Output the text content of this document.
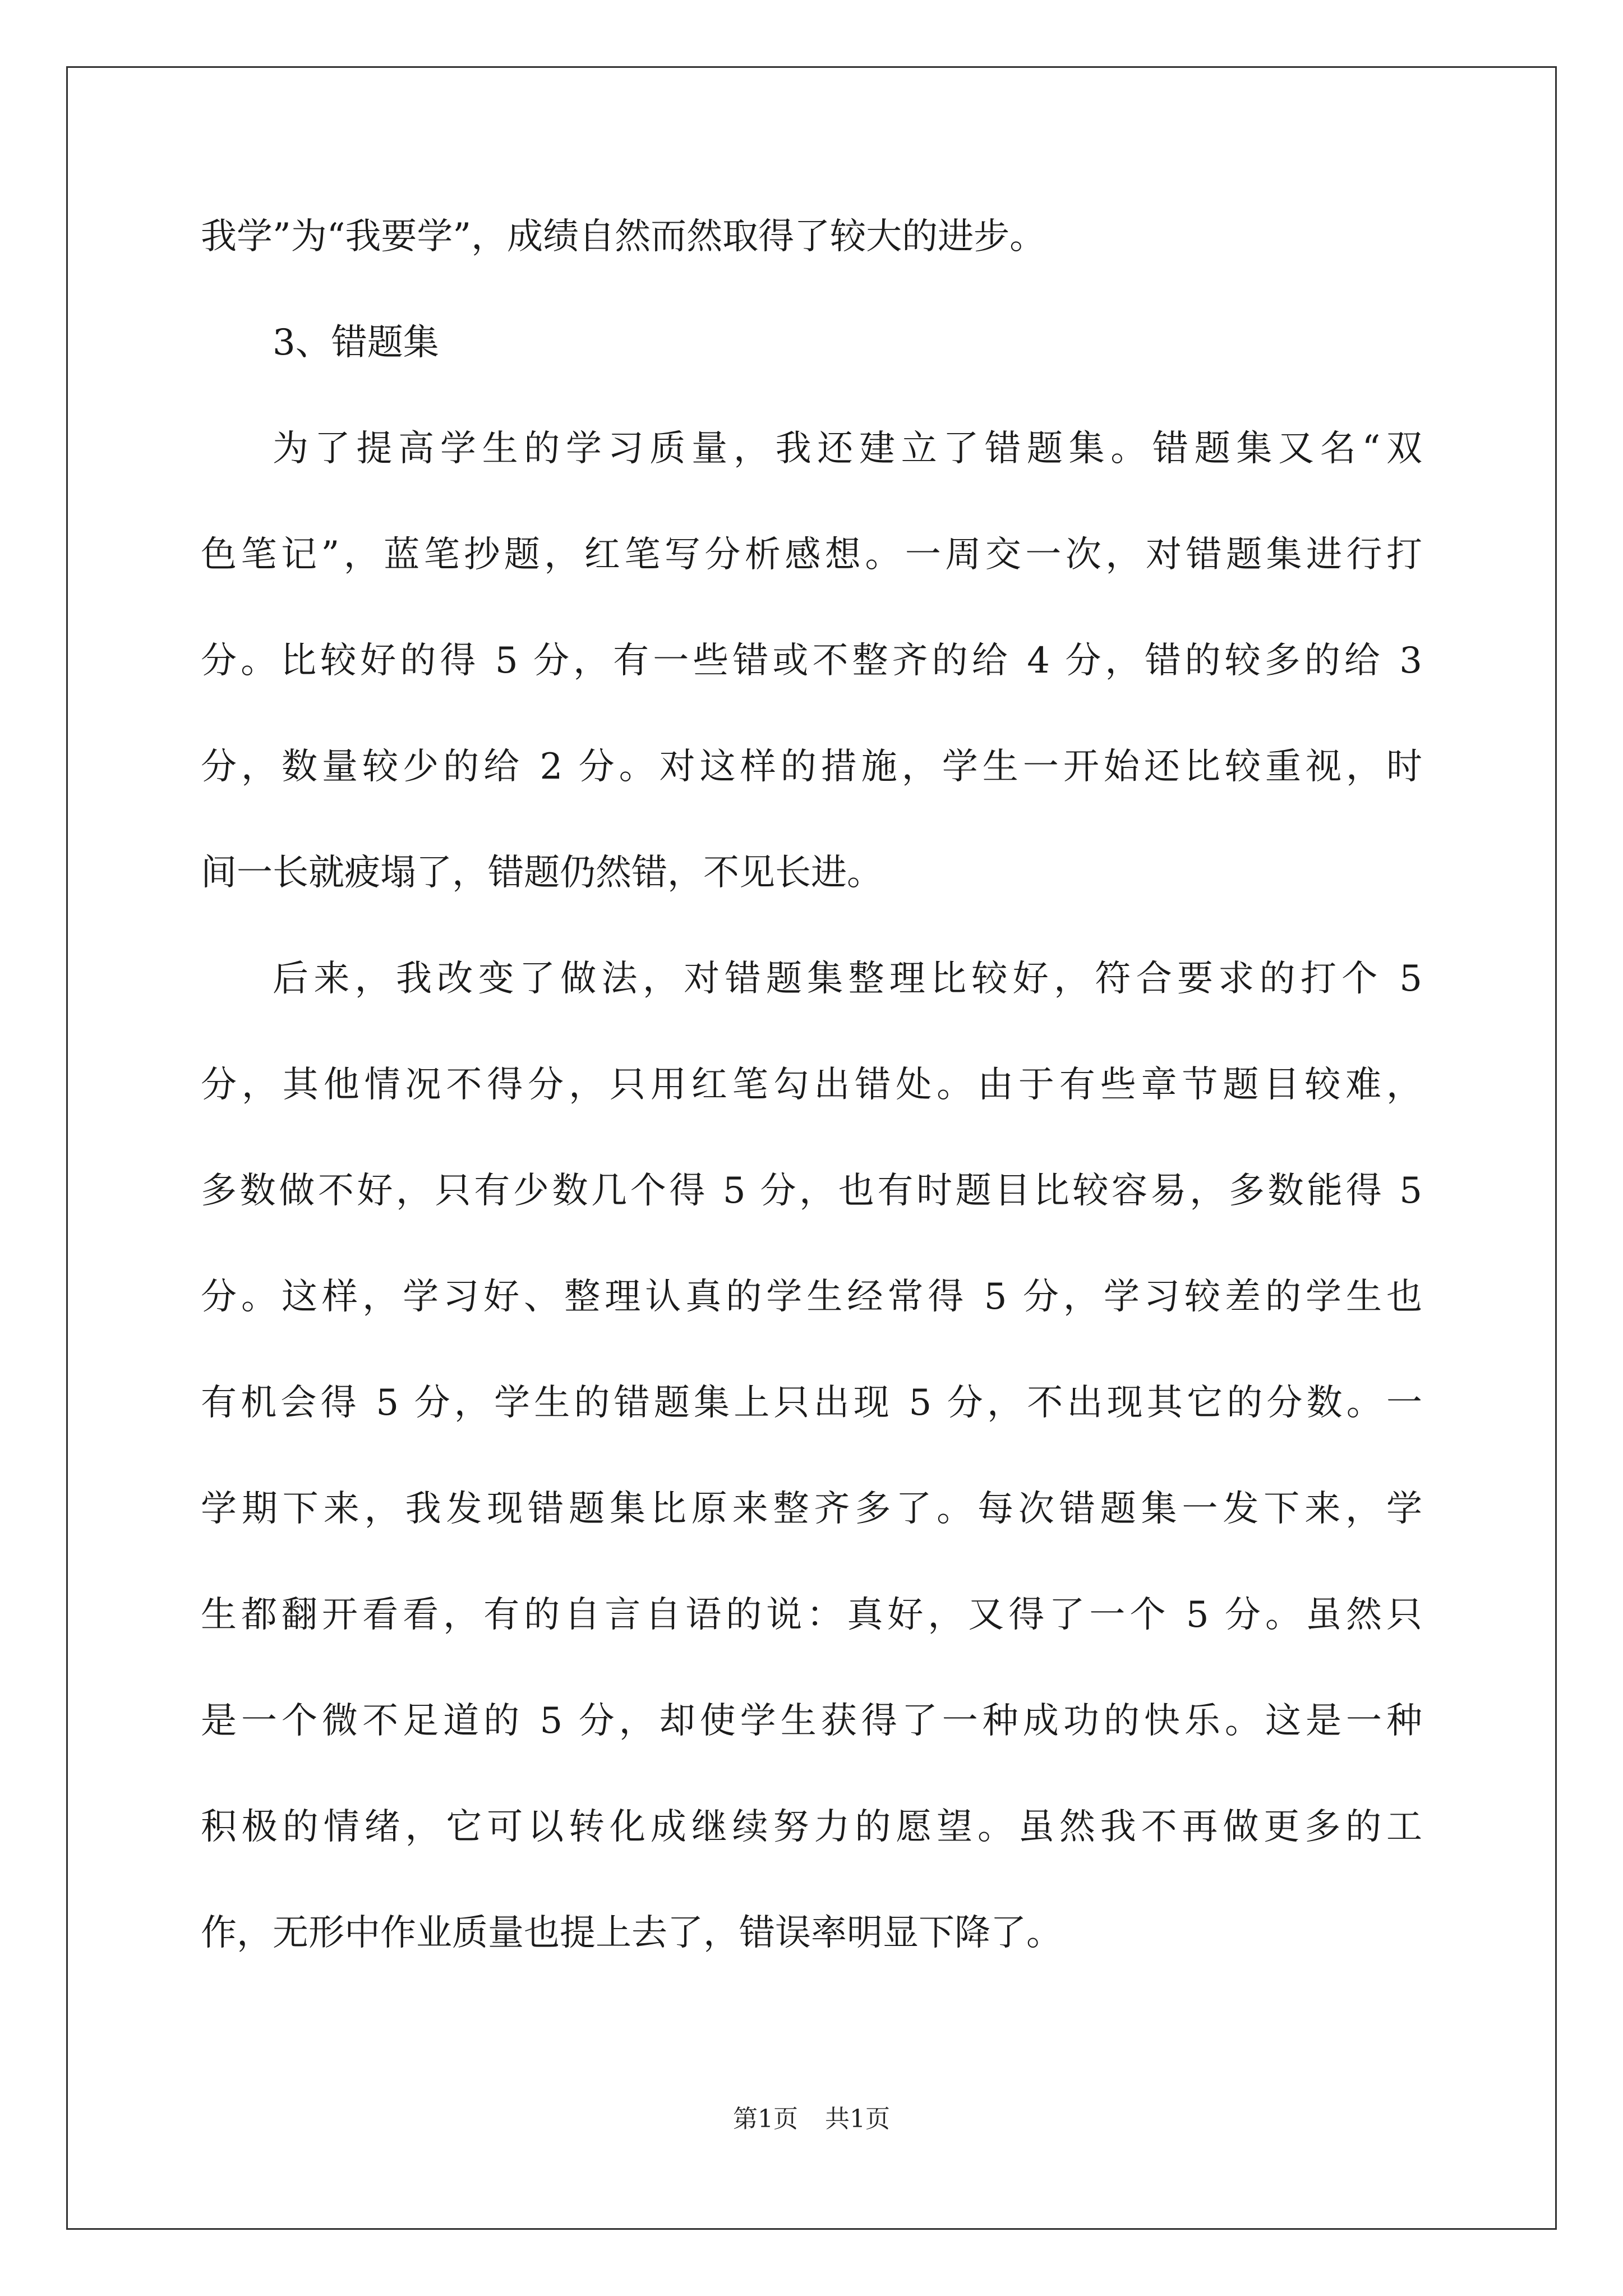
我学”为“我要学”，成绩自然而然取得了较大的进步。
3、错题集
为了提高学生的学习质量，我还建立了错题集。错题集又名“双
色笔记”，蓝笔抄题，红笔写分析感想。一周交一次，对错题集进行打
分。比较好的得 5 分，有一些错或不整齐的给 4 分，错的较多的给 3
分，数量较少的给 2 分。对这样的措施，学生一开始还比较重视，时
间一长就疲塌了，错题仍然错，不见长进。
后来，我改变了做法，对错题集整理比较好，符合要求的打个 5
分，其他情况不得分，只用红笔勾出错处。由于有些章节题目较难，
多数做不好，只有少数几个得 5 分，也有时题目比较容易，多数能得 5
分。这样，学习好、整理认真的学生经常得 5 分，学习较差的学生也
有机会得 5 分，学生的错题集上只出现 5 分，不出现其它的分数。一
学期下来，我发现错题集比原来整齐多了。每次错题集一发下来，学
生都翻开看看，有的自言自语的说：真好，又得了一个 5 分。虽然只
是一个微不足道的 5 分，却使学生获得了一种成功的快乐。这是一种
积极的情绪，它可以转化成继续努力的愿望。虽然我不再做更多的工
作，无形中作业质量也提上去了，错误率明显下降了。
第1页 共1页
